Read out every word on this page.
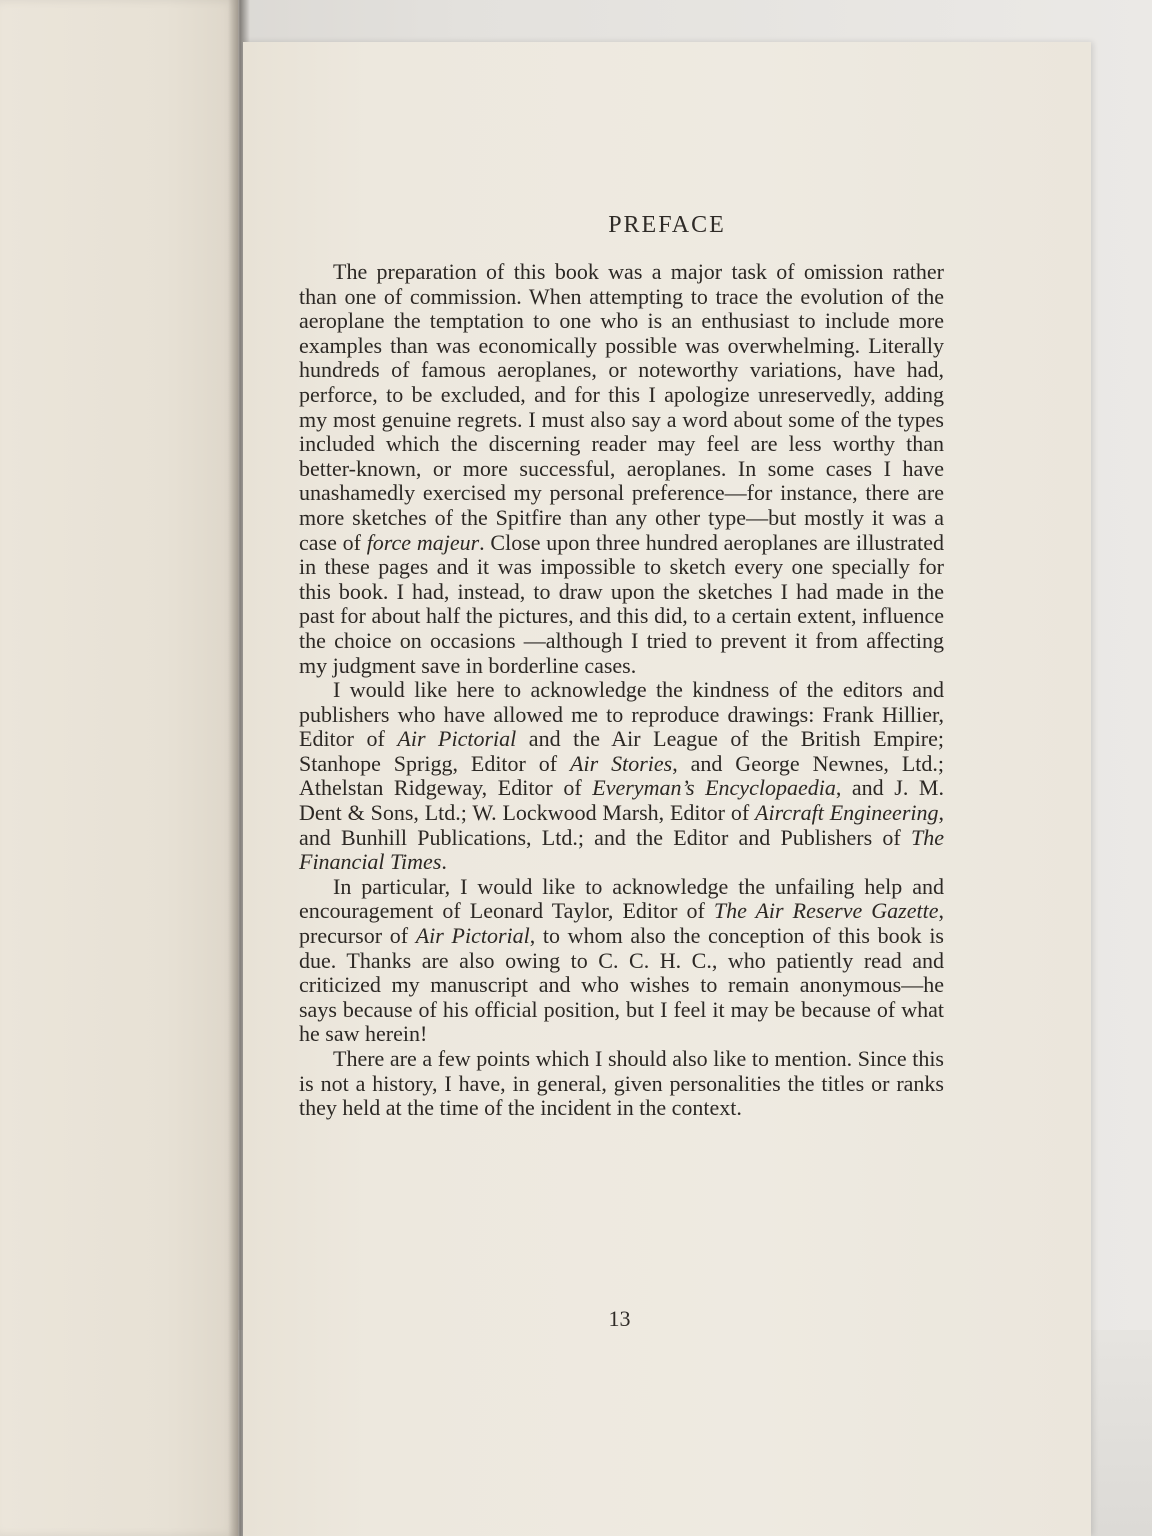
PREFACE

The preparation of this book was a major task of omission rather than one of commission. When attempting to trace the evolution of the aeroplane the temptation to one who is an enthusiast to include more examples than was economically possible was overwhelming. Literally hundreds of famous aeroplanes, or noteworthy variations, have had, perforce, to be excluded, and for this I apologize unreservedly, adding my most genuine regrets. I must also say a word about some of the types included which the discerning reader may feel are less worthy than better-known, or more successful, aeroplanes. In some cases I have unashamedly exercised my personal preference—for instance, there are more sketches of the Spitfire than any other type—but mostly it was a case of force majeur. Close upon three hundred aeroplanes are illustrated in these pages and it was impossible to sketch every one specially for this book. I had, instead, to draw upon the sketches I had made in the past for about half the pictures, and this did, to a certain extent, influence the choice on occasions —although I tried to prevent it from affecting my judgment save in borderline cases.

I would like here to acknowledge the kindness of the editors and publishers who have allowed me to reproduce drawings: Frank Hillier, Editor of Air Pictorial and the Air League of the British Empire; Stanhope Sprigg, Editor of Air Stories, and George Newnes, Ltd.; Athelstan Ridgeway, Editor of Everyman’s Encyclopaedia, and J. M. Dent & Sons, Ltd.; W. Lockwood Marsh, Editor of Aircraft Engineering, and Bunhill Publications, Ltd.; and the Editor and Publishers of The Financial Times.

In particular, I would like to acknowledge the unfailing help and encouragement of Leonard Taylor, Editor of The Air Reserve Gazette, precursor of Air Pictorial, to whom also the conception of this book is due. Thanks are also owing to C. C. H. C., who patiently read and criticized my manuscript and who wishes to remain anonymous—he says because of his official position, but I feel it may be because of what he saw herein!

There are a few points which I should also like to mention. Since this is not a history, I have, in general, given personalities the titles or ranks they held at the time of the incident in the context.

13
